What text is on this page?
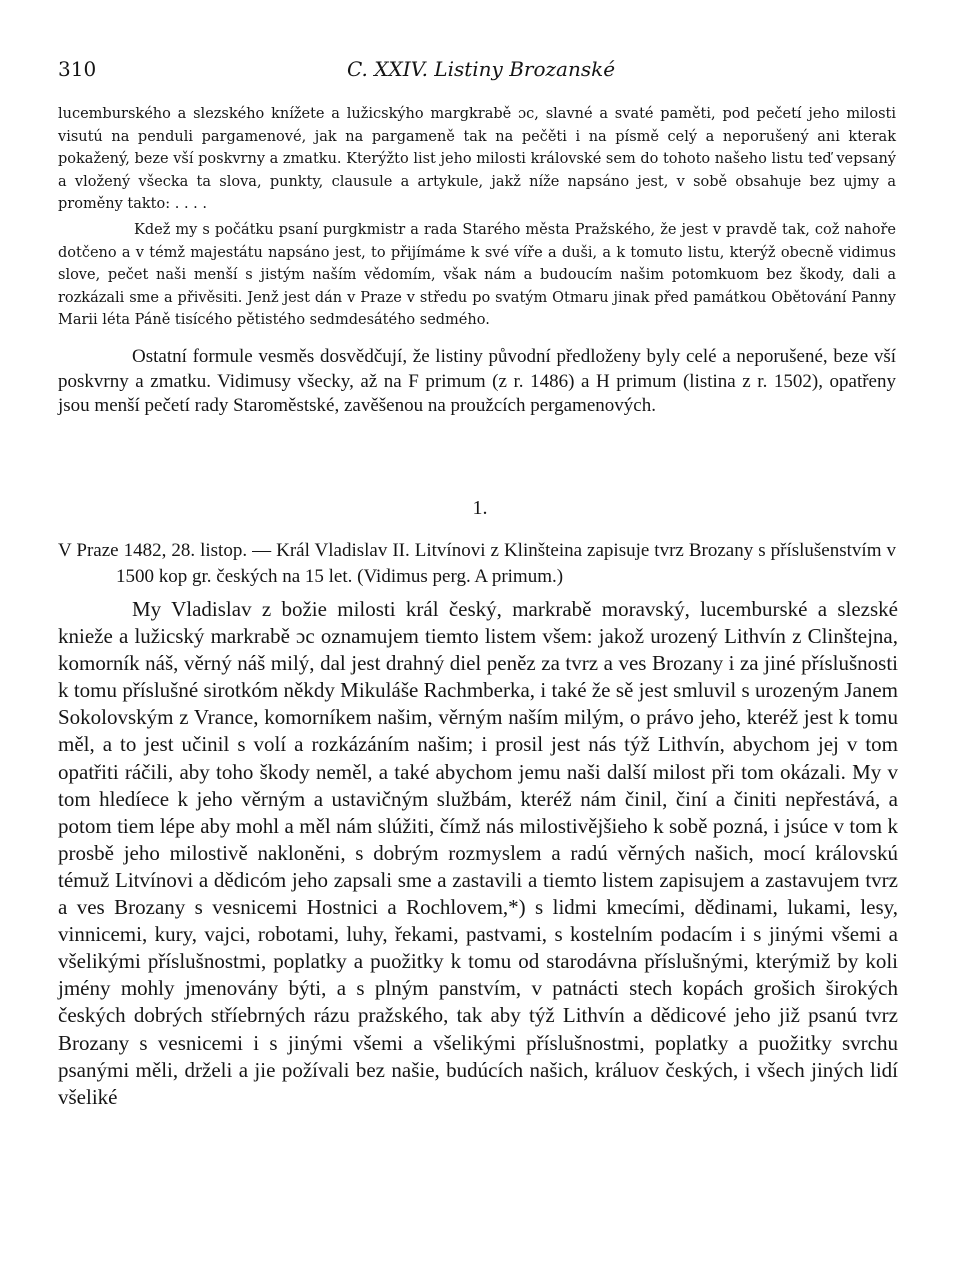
310	C. XXIV. Listiny Brozanské

lucemburského a slezského knížete a lužicskýho margkrabě ɔc, slavné a svaté paměti, pod pečetí jeho milosti visutú na penduli pargamenové, jak na pargameně tak na pečěti i na písmě celý a neporušený ani kterak pokažený, beze vší poskvrny a zmatku. Kterýžto list jeho milosti královské sem do tohoto našeho listu teď vepsaný a vložený všecka ta slova, punkty, clausule a artykule, jakž níže napsáno jest, v sobě obsahuje bez ujmy a proměny takto: . . . .

Kdež my s počátku psaní purgkmistr a rada Starého města Pražského, že jest v pravdě tak, což nahoře dotčeno a v témž majestátu napsáno jest, to přijímáme k své víře a duši, a k tomuto listu, kterýž obecně vidimus slove, pečet naši menší s jistým naším vědomím, však nám a budoucím našim potomkuom bez škody, dali a rozkázali sme a přivěsiti. Jenž jest dán v Praze v středu po svatým Otmaru jinak před památkou Obětování Panny Marii léta Páně tisícého pětistého sedmdesátého sedmého.

Ostatní formule vesměs dosvědčují, že listiny původní předloženy byly celé a neporušené, beze vší poskvrny a zmatku. Vidimusy všecky, až na F primum (z r. 1486) a H primum (listina z r. 1502), opatřeny jsou menší pečetí rady Staroměstské, zavěšenou na proužcích pergamenových.

1.

V Praze 1482, 28. listop. — Král Vladislav II. Litvínovi z Klinšteina zapisuje tvrz Brozany s příslušenstvím v 1500 kop gr. českých na 15 let. (Vidimus perg. A primum.)

My Vladislav z božie milosti král český, markrabě moravský, lucemburské a slezské knieže a lužicský markrabě ɔc oznamujem tiemto listem všem: jakož urozený Lithvín z Clinštejna, komorník náš, věrný náš milý, dal jest drahný diel peněz za tvrz a ves Brozany i za jiné příslušnosti k tomu příslušné sirotkóm někdy Mikuláše Rachmberka, i také že sě jest smluvil s urozeným Janem Sokolovským z Vrance, komorníkem našim, věrným naším milým, o právo jeho, kteréž jest k tomu měl, a to jest učinil s volí a rozkázáním našim; i prosil jest nás týž Lithvín, abychom jej v tom opatřiti ráčili, aby toho škody neměl, a také abychom jemu naši další milost při tom okázali. My v tom hledíece k jeho věrným a ustavičným službám, kteréž nám činil, činí a činiti nepřestává, a potom tiem lépe aby mohl a měl nám slúžiti, čímž nás milostivějšieho k sobě pozná, i jsúce v tom k prosbě jeho milostivě nakloněni, s dobrým rozmyslem a radú věrných našich, mocí královskú témuž Litvínovi a dědicóm jeho zapsali sme a zastavili a tiemto listem zapisujem a zastavujem tvrz a ves Brozany s vesnicemi Hostnici a Rochlovem,*) s lidmi kmecími, dědinami, lukami, lesy, vinnicemi, kury, vajci, robotami, luhy, řekami, pastvami, s kostelním podacím i s jinými všemi a všelikými příslušnostmi, poplatky a puožitky k tomu od starodávna příslušnými, kterýmiž by koli jmény mohly jmenovány býti, a s plným panstvím, v patnácti stech kopách grošich širokých českých dobrých stříebrných rázu pražského, tak aby týž Lithvín a dědicové jeho již psanú tvrz Brozany s vesnicemi i s jinými všemi a všelikými příslušnostmi, poplatky a puožitky svrchu psanými měli, drželi a jie požívali bez našie, budúcích našich, králuov českých, i všech jiných lidí všeliké
